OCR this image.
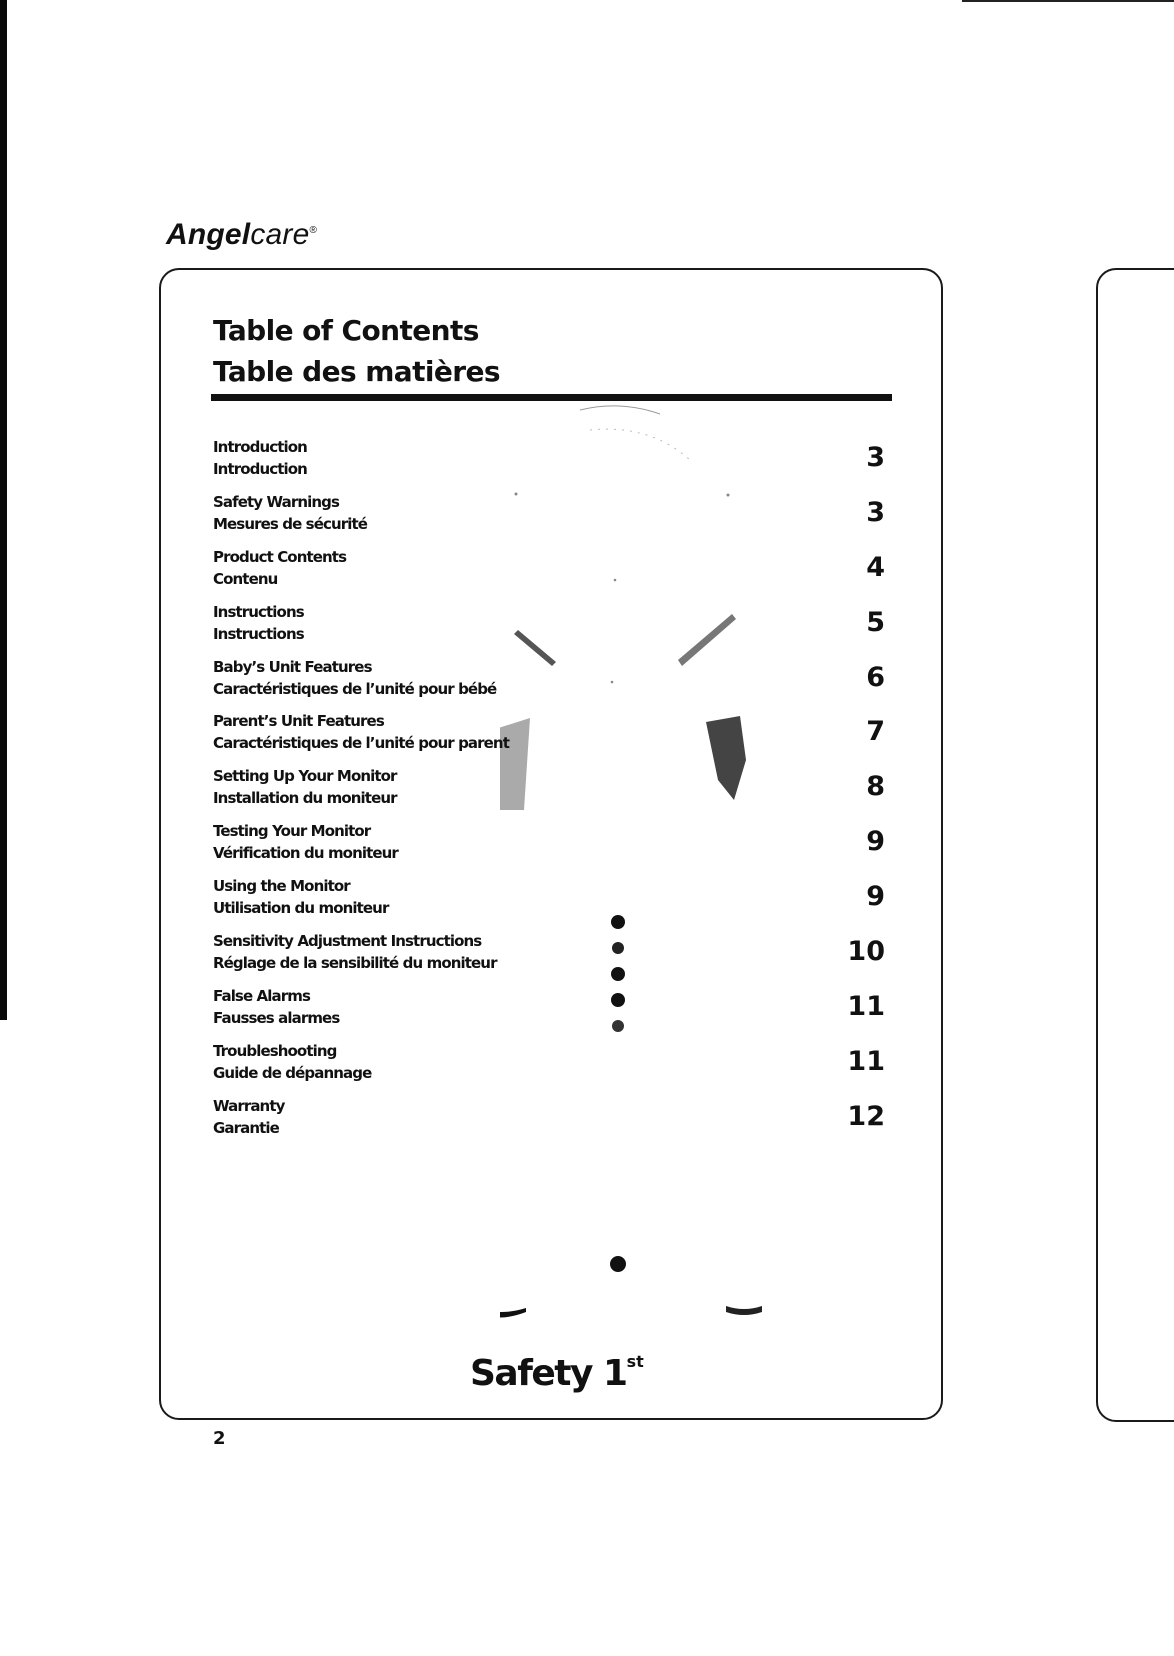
Angelcare®
Table of Contents
Table des matières
Introduction
Introduction	3
Safety Warnings
Mesures de sécurité	3
Product Contents
Contenu	4
Instructions
Instructions	5
Baby’s Unit Features
Caractéristiques de l’unité pour bébé	6
Parent’s Unit Features
Caractéristiques de l’unité pour parent	7
Setting Up Your Monitor
Installation du moniteur	8
Testing Your Monitor
Vérification du moniteur	9
Using the Monitor
Utilisation du moniteur	9
Sensitivity Adjustment Instructions
Réglage de la sensibilité du moniteur	10
False Alarms
Fausses alarmes	11
Troubleshooting
Guide de dépannage	11
Warranty
Garantie	12
Safety 1st
2
